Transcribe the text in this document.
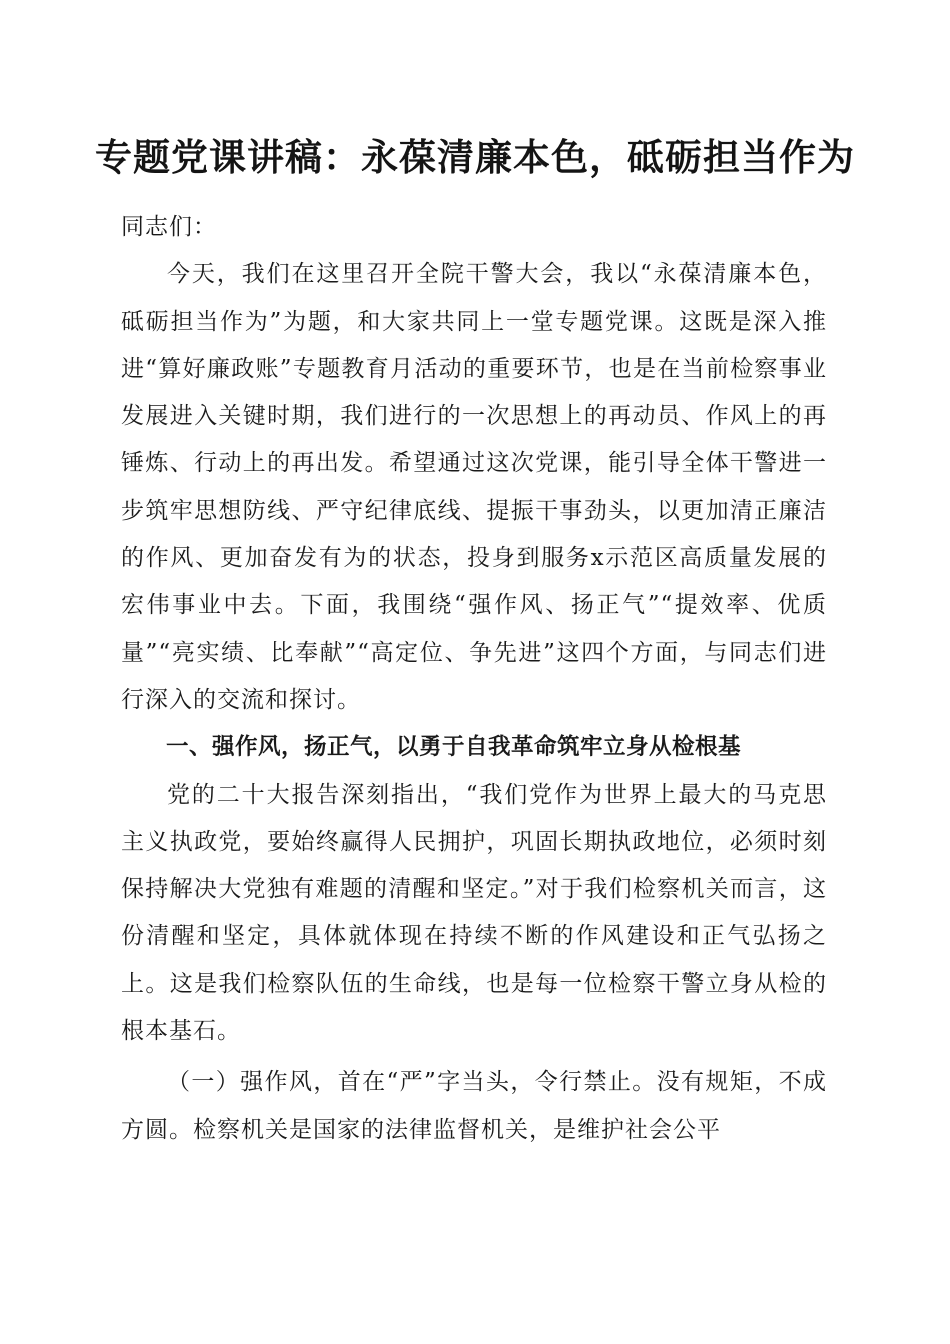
专题党课讲稿：永葆清廉本色，砥砺担当作为

同志们：

今天，我们在这里召开全院干警大会，我以“永葆清廉本色，砥砺担当作为”为题，和大家共同上一堂专题党课。这既是深入推进“算好廉政账”专题教育月活动的重要环节，也是在当前检察事业发展进入关键时期，我们进行的一次思想上的再动员、作风上的再锤炼、行动上的再出发。希望通过这次党课，能引导全体干警进一步筑牢思想防线、严守纪律底线、提振干事劲头，以更加清正廉洁的作风、更加奋发有为的状态，投身到服务x示范区高质量发展的宏伟事业中去。下面，我围绕“强作风、扬正气”“提效率、优质量”“亮实绩、比奉献”“高定位、争先进”这四个方面，与同志们进行深入的交流和探讨。

一、强作风，扬正气，以勇于自我革命筑牢立身从检根基

党的二十大报告深刻指出，“我们党作为世界上最大的马克思主义执政党，要始终赢得人民拥护，巩固长期执政地位，必须时刻保持解决大党独有难题的清醒和坚定。”对于我们检察机关而言，这份清醒和坚定，具体就体现在持续不断的作风建设和正气弘扬之上。这是我们检察队伍的生命线，也是每一位检察干警立身从检的根本基石。

（一）强作风，首在“严”字当头，令行禁止。没有规矩，不成方圆。检察机关是国家的法律监督机关，是维护社会公平
